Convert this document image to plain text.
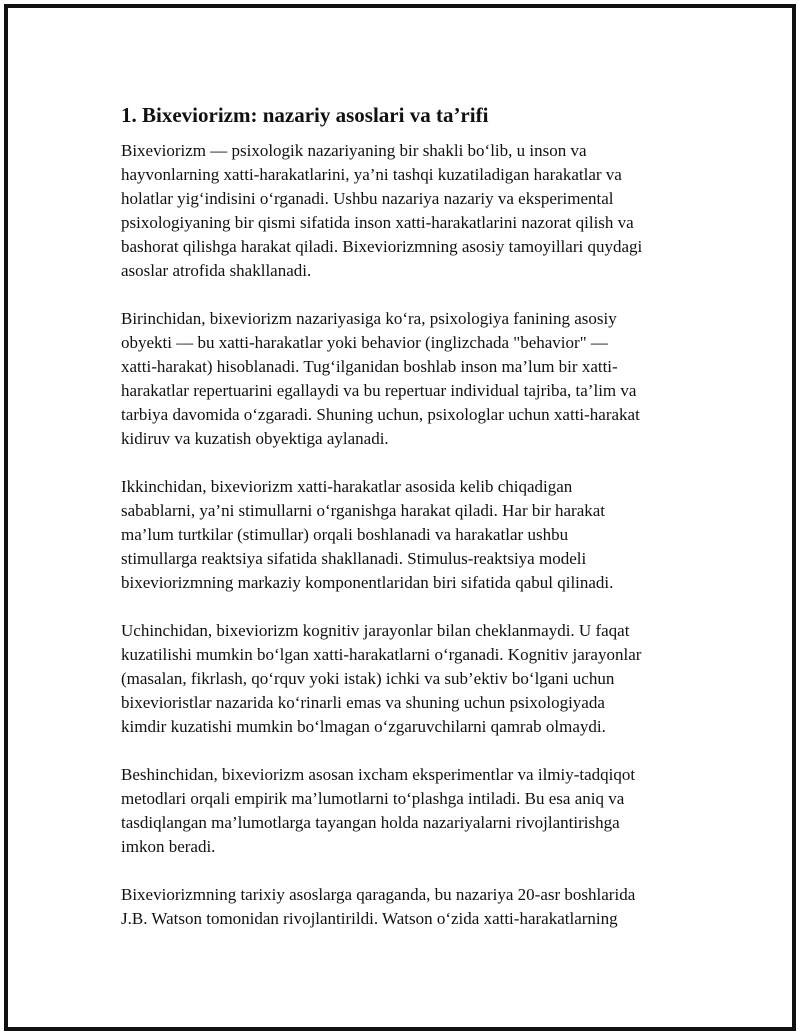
1. Bixeviorizm: nazariy asoslari va ta’rifi

Bixeviorizm — psixologik nazariyaning bir shakli bo‘lib, u inson va
hayvonlarning xatti-harakatlarini, ya’ni tashqi kuzatiladigan harakatlar va
holatlar yig‘indisini o‘rganadi. Ushbu nazariya nazariy va eksperimental
psixologiyaning bir qismi sifatida inson xatti-harakatlarini nazorat qilish va
bashorat qilishga harakat qiladi. Bixeviorizmning asosiy tamoyillari quydagi
asoslar atrofida shakllanadi.

Birinchidan, bixeviorizm nazariyasiga ko‘ra, psixologiya fanining asosiy
obyekti — bu xatti-harakatlar yoki behavior (inglizchada "behavior" —
xatti-harakat) hisoblanadi. Tug‘ilganidan boshlab inson ma’lum bir xatti-
harakatlar repertuarini egallaydi va bu repertuar individual tajriba, ta’lim va
tarbiya davomida o‘zgaradi. Shuning uchun, psixologlar uchun xatti-harakat
kidiruv va kuzatish obyektiga aylanadi.

Ikkinchidan, bixeviorizm xatti-harakatlar asosida kelib chiqadigan
sabablarni, ya’ni stimullarni o‘rganishga harakat qiladi. Har bir harakat
ma’lum turtkilar (stimullar) orqali boshlanadi va harakatlar ushbu
stimullarga reaktsiya sifatida shakllanadi. Stimulus-reaktsiya modeli
bixeviorizmning markaziy komponentlaridan biri sifatida qabul qilinadi.

Uchinchidan, bixeviorizm kognitiv jarayonlar bilan cheklanmaydi. U faqat
kuzatilishi mumkin bo‘lgan xatti-harakatlarni o‘rganadi. Kognitiv jarayonlar
(masalan, fikrlash, qo‘rquv yoki istak) ichki va sub’ektiv bo‘lgani uchun
bixevioristlar nazarida ko‘rinarli emas va shuning uchun psixologiyada
kimdir kuzatishi mumkin bo‘lmagan o‘zgaruvchilarni qamrab olmaydi.

Beshinchidan, bixeviorizm asosan ixcham eksperimentlar va ilmiy-tadqiqot
metodlari orqali empirik ma’lumotlarni to‘plashga intiladi. Bu esa aniq va
tasdiqlangan ma’lumotlarga tayangan holda nazariyalarni rivojlantirishga
imkon beradi.

Bixeviorizmning tarixiy asoslarga qaraganda, bu nazariya 20-asr boshlarida
J.B. Watson tomonidan rivojlantirildi. Watson o‘zida xatti-harakatlarning
